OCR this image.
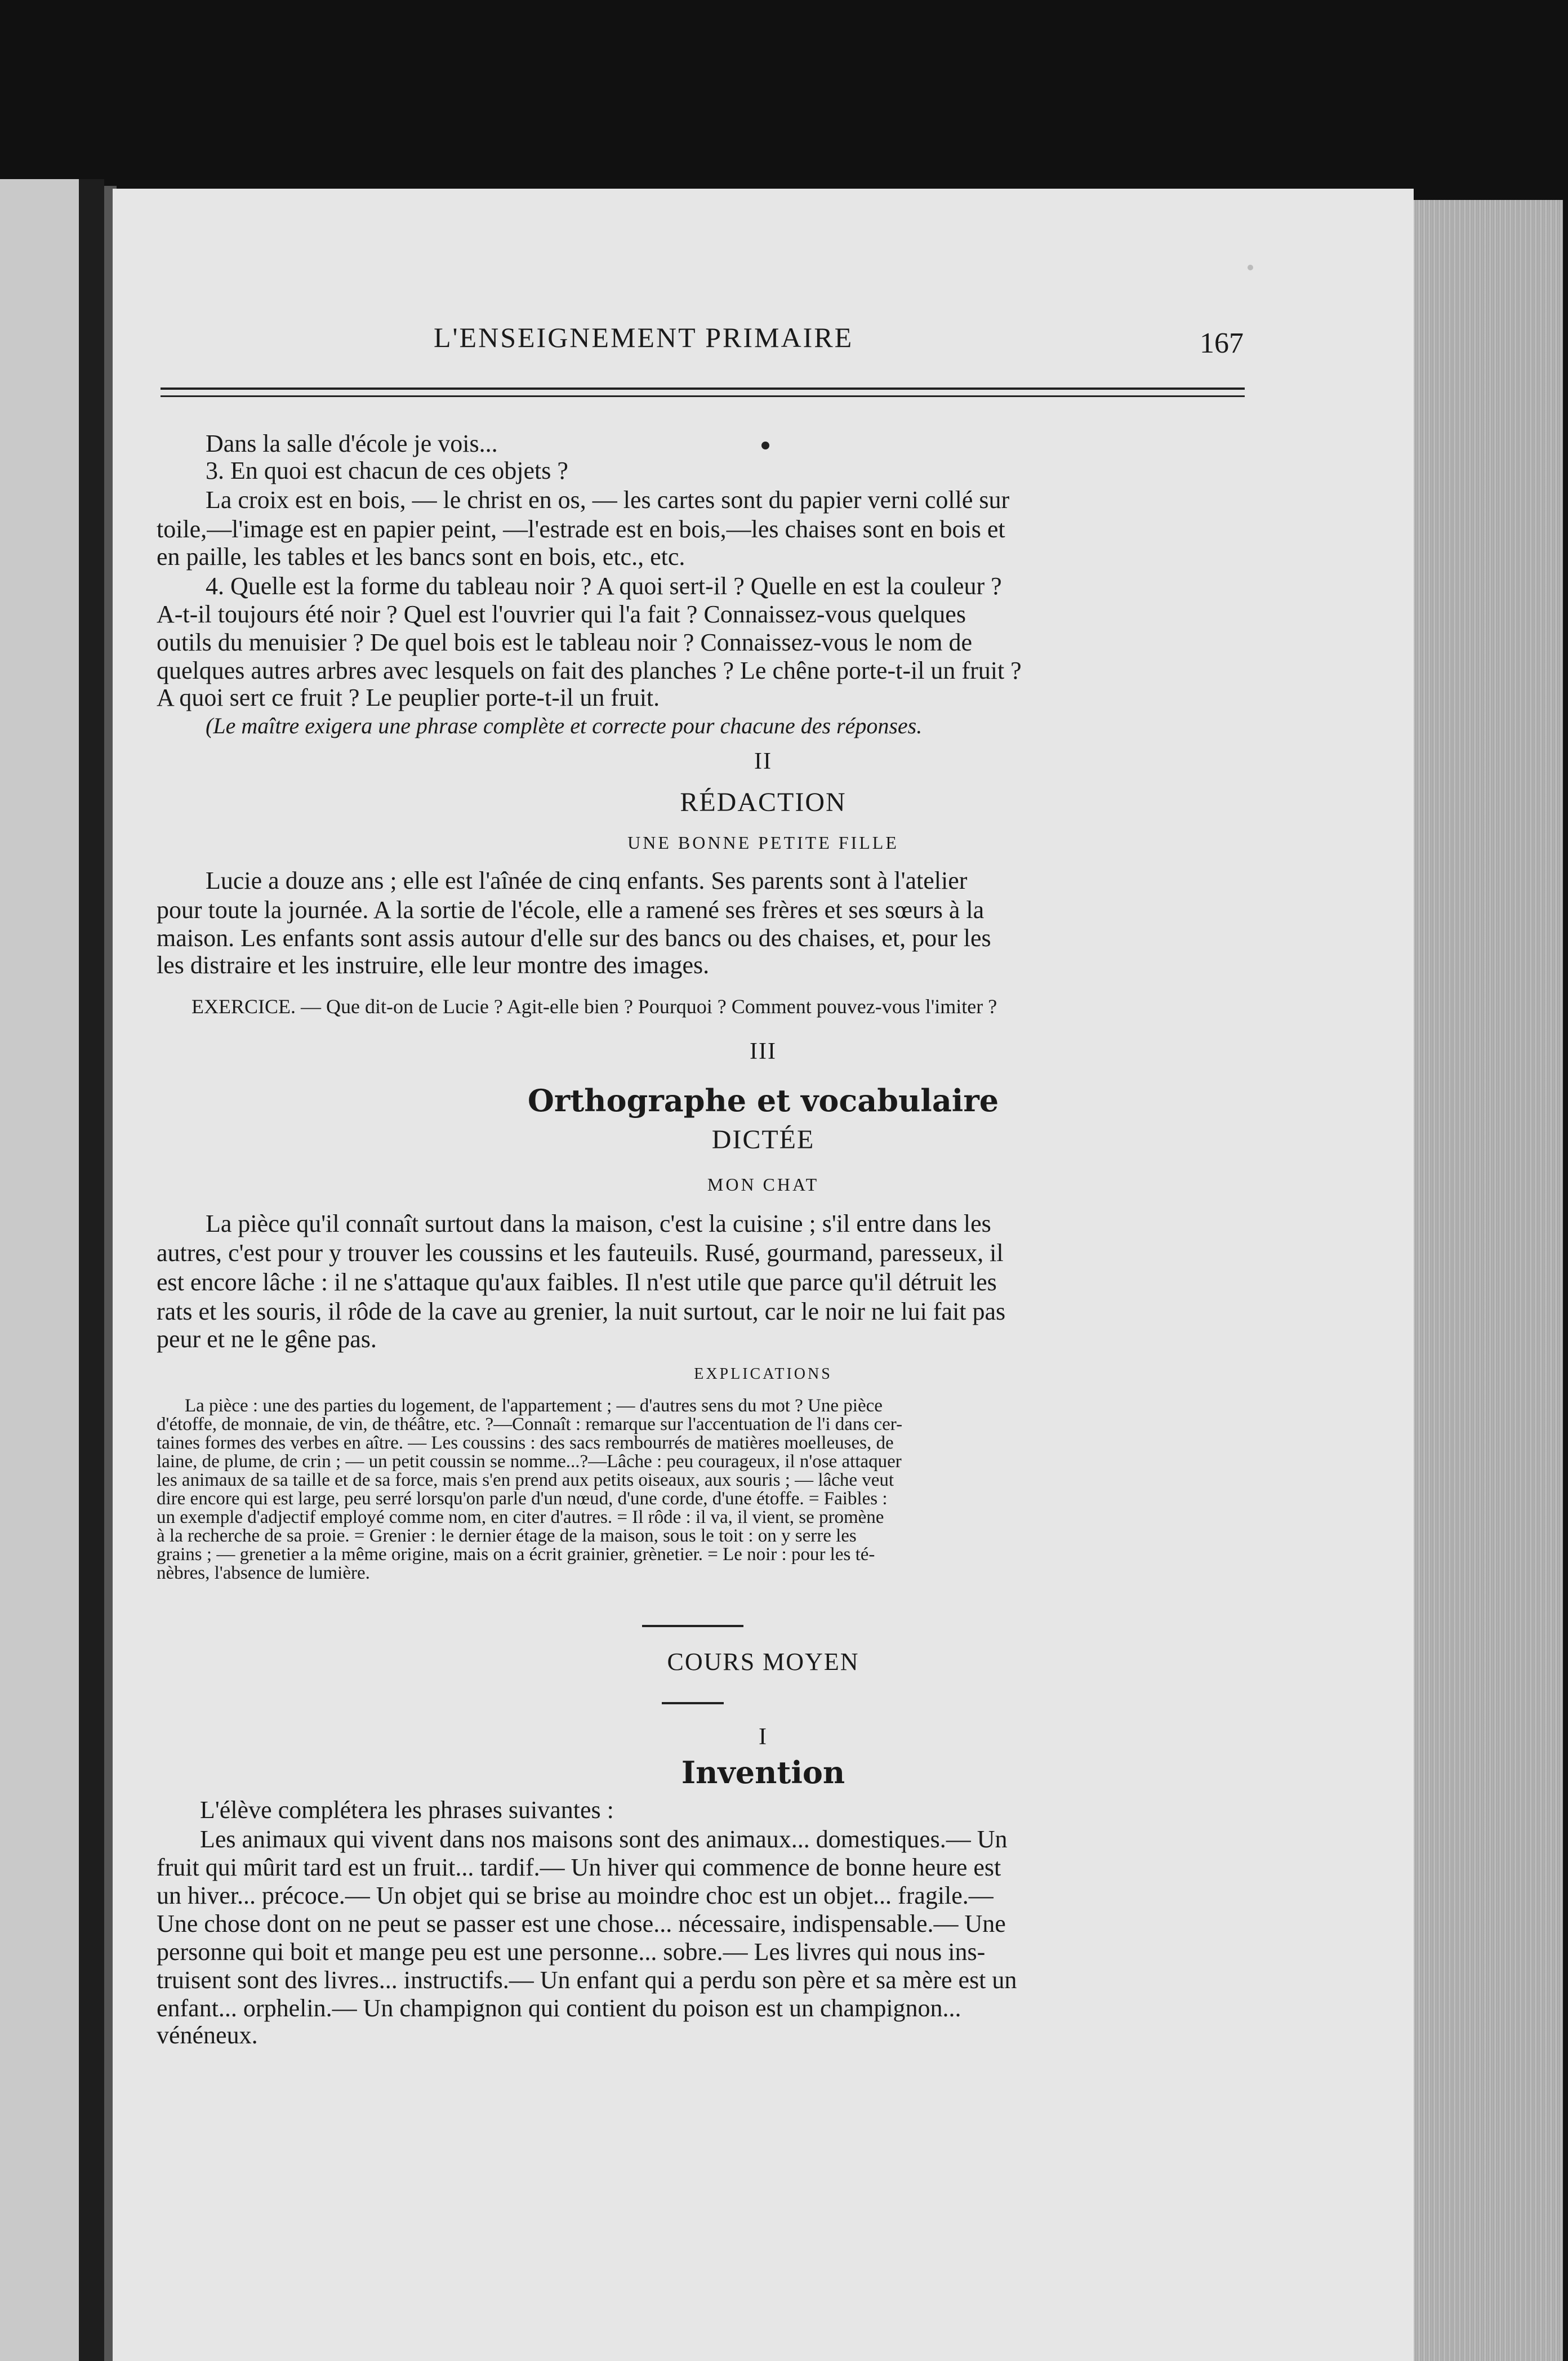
L'ENSEIGNEMENT PRIMAIRE	167
Dans la salle d'école je vois...
3. En quoi est chacun de ces objets ?
La croix est en bois, — le christ en os, — les cartes sont du papier verni collé sur
toile,—l'image est en papier peint, —l'estrade est en bois,—les chaises sont en bois et
en paille, les tables et les bancs sont en bois, etc., etc.
4. Quelle est la forme du tableau noir ? A quoi sert-il ? Quelle en est la couleur ?
A-t-il toujours été noir ? Quel est l'ouvrier qui l'a fait ? Connaissez-vous quelques
outils du menuisier ? De quel bois est le tableau noir ? Connaissez-vous le nom de
quelques autres arbres avec lesquels on fait des planches ? Le chêne porte-t-il un fruit ?
A quoi sert ce fruit ? Le peuplier porte-t-il un fruit.
(Le maître exigera une phrase complète et correcte pour chacune des réponses.
II
RÉDACTION
UNE BONNE PETITE FILLE
Lucie a douze ans ; elle est l'aînée de cinq enfants. Ses parents sont à l'atelier
pour toute la journée. A la sortie de l'école, elle a ramené ses frères et ses sœurs à la
maison. Les enfants sont assis autour d'elle sur des bancs ou des chaises, et, pour les
les distraire et les instruire, elle leur montre des images.
EXERCICE. — Que dit-on de Lucie ? Agit-elle bien ? Pourquoi ? Comment pouvez-vous l'imiter ?
III
Orthographe et vocabulaire
DICTÉE
MON CHAT
La pièce qu'il connaît surtout dans la maison, c'est la cuisine ; s'il entre dans les
autres, c'est pour y trouver les coussins et les fauteuils. Rusé, gourmand, paresseux, il
est encore lâche : il ne s'attaque qu'aux faibles. Il n'est utile que parce qu'il détruit les
rats et les souris, il rôde de la cave au grenier, la nuit surtout, car le noir ne lui fait pas
peur et ne le gêne pas.
EXPLICATIONS
La pièce : une des parties du logement, de l'appartement ; — d'autres sens du mot ? Une pièce
d'étoffe, de monnaie, de vin, de théâtre, etc. ?—Connaît : remarque sur l'accentuation de l'i dans cer-
taines formes des verbes en aître. — Les coussins : des sacs rembourrés de matières moelleuses, de
laine, de plume, de crin ; — un petit coussin se nomme...?—Lâche : peu courageux, il n'ose attaquer
les animaux de sa taille et de sa force, mais s'en prend aux petits oiseaux, aux souris ; — lâche veut
dire encore qui est large, peu serré lorsqu'on parle d'un nœud, d'une corde, d'une étoffe. = Faibles :
un exemple d'adjectif employé comme nom, en citer d'autres. = Il rôde : il va, il vient, se promène
à la recherche de sa proie. = Grenier : le dernier étage de la maison, sous le toit : on y serre les
grains ; — grenetier a la même origine, mais on a écrit grainier, grènetier. = Le noir : pour les té-
nèbres, l'absence de lumière.
COURS MOYEN
I
Invention
L'élève complétera les phrases suivantes :
Les animaux qui vivent dans nos maisons sont des animaux... domestiques.— Un
fruit qui mûrit tard est un fruit... tardif.— Un hiver qui commence de bonne heure est
un hiver... précoce.— Un objet qui se brise au moindre choc est un objet... fragile.—
Une chose dont on ne peut se passer est une chose... nécessaire, indispensable.— Une
personne qui boit et mange peu est une personne... sobre.— Les livres qui nous ins-
truisent sont des livres... instructifs.— Un enfant qui a perdu son père et sa mère est un
enfant... orphelin.— Un champignon qui contient du poison est un champignon...
vénéneux.
